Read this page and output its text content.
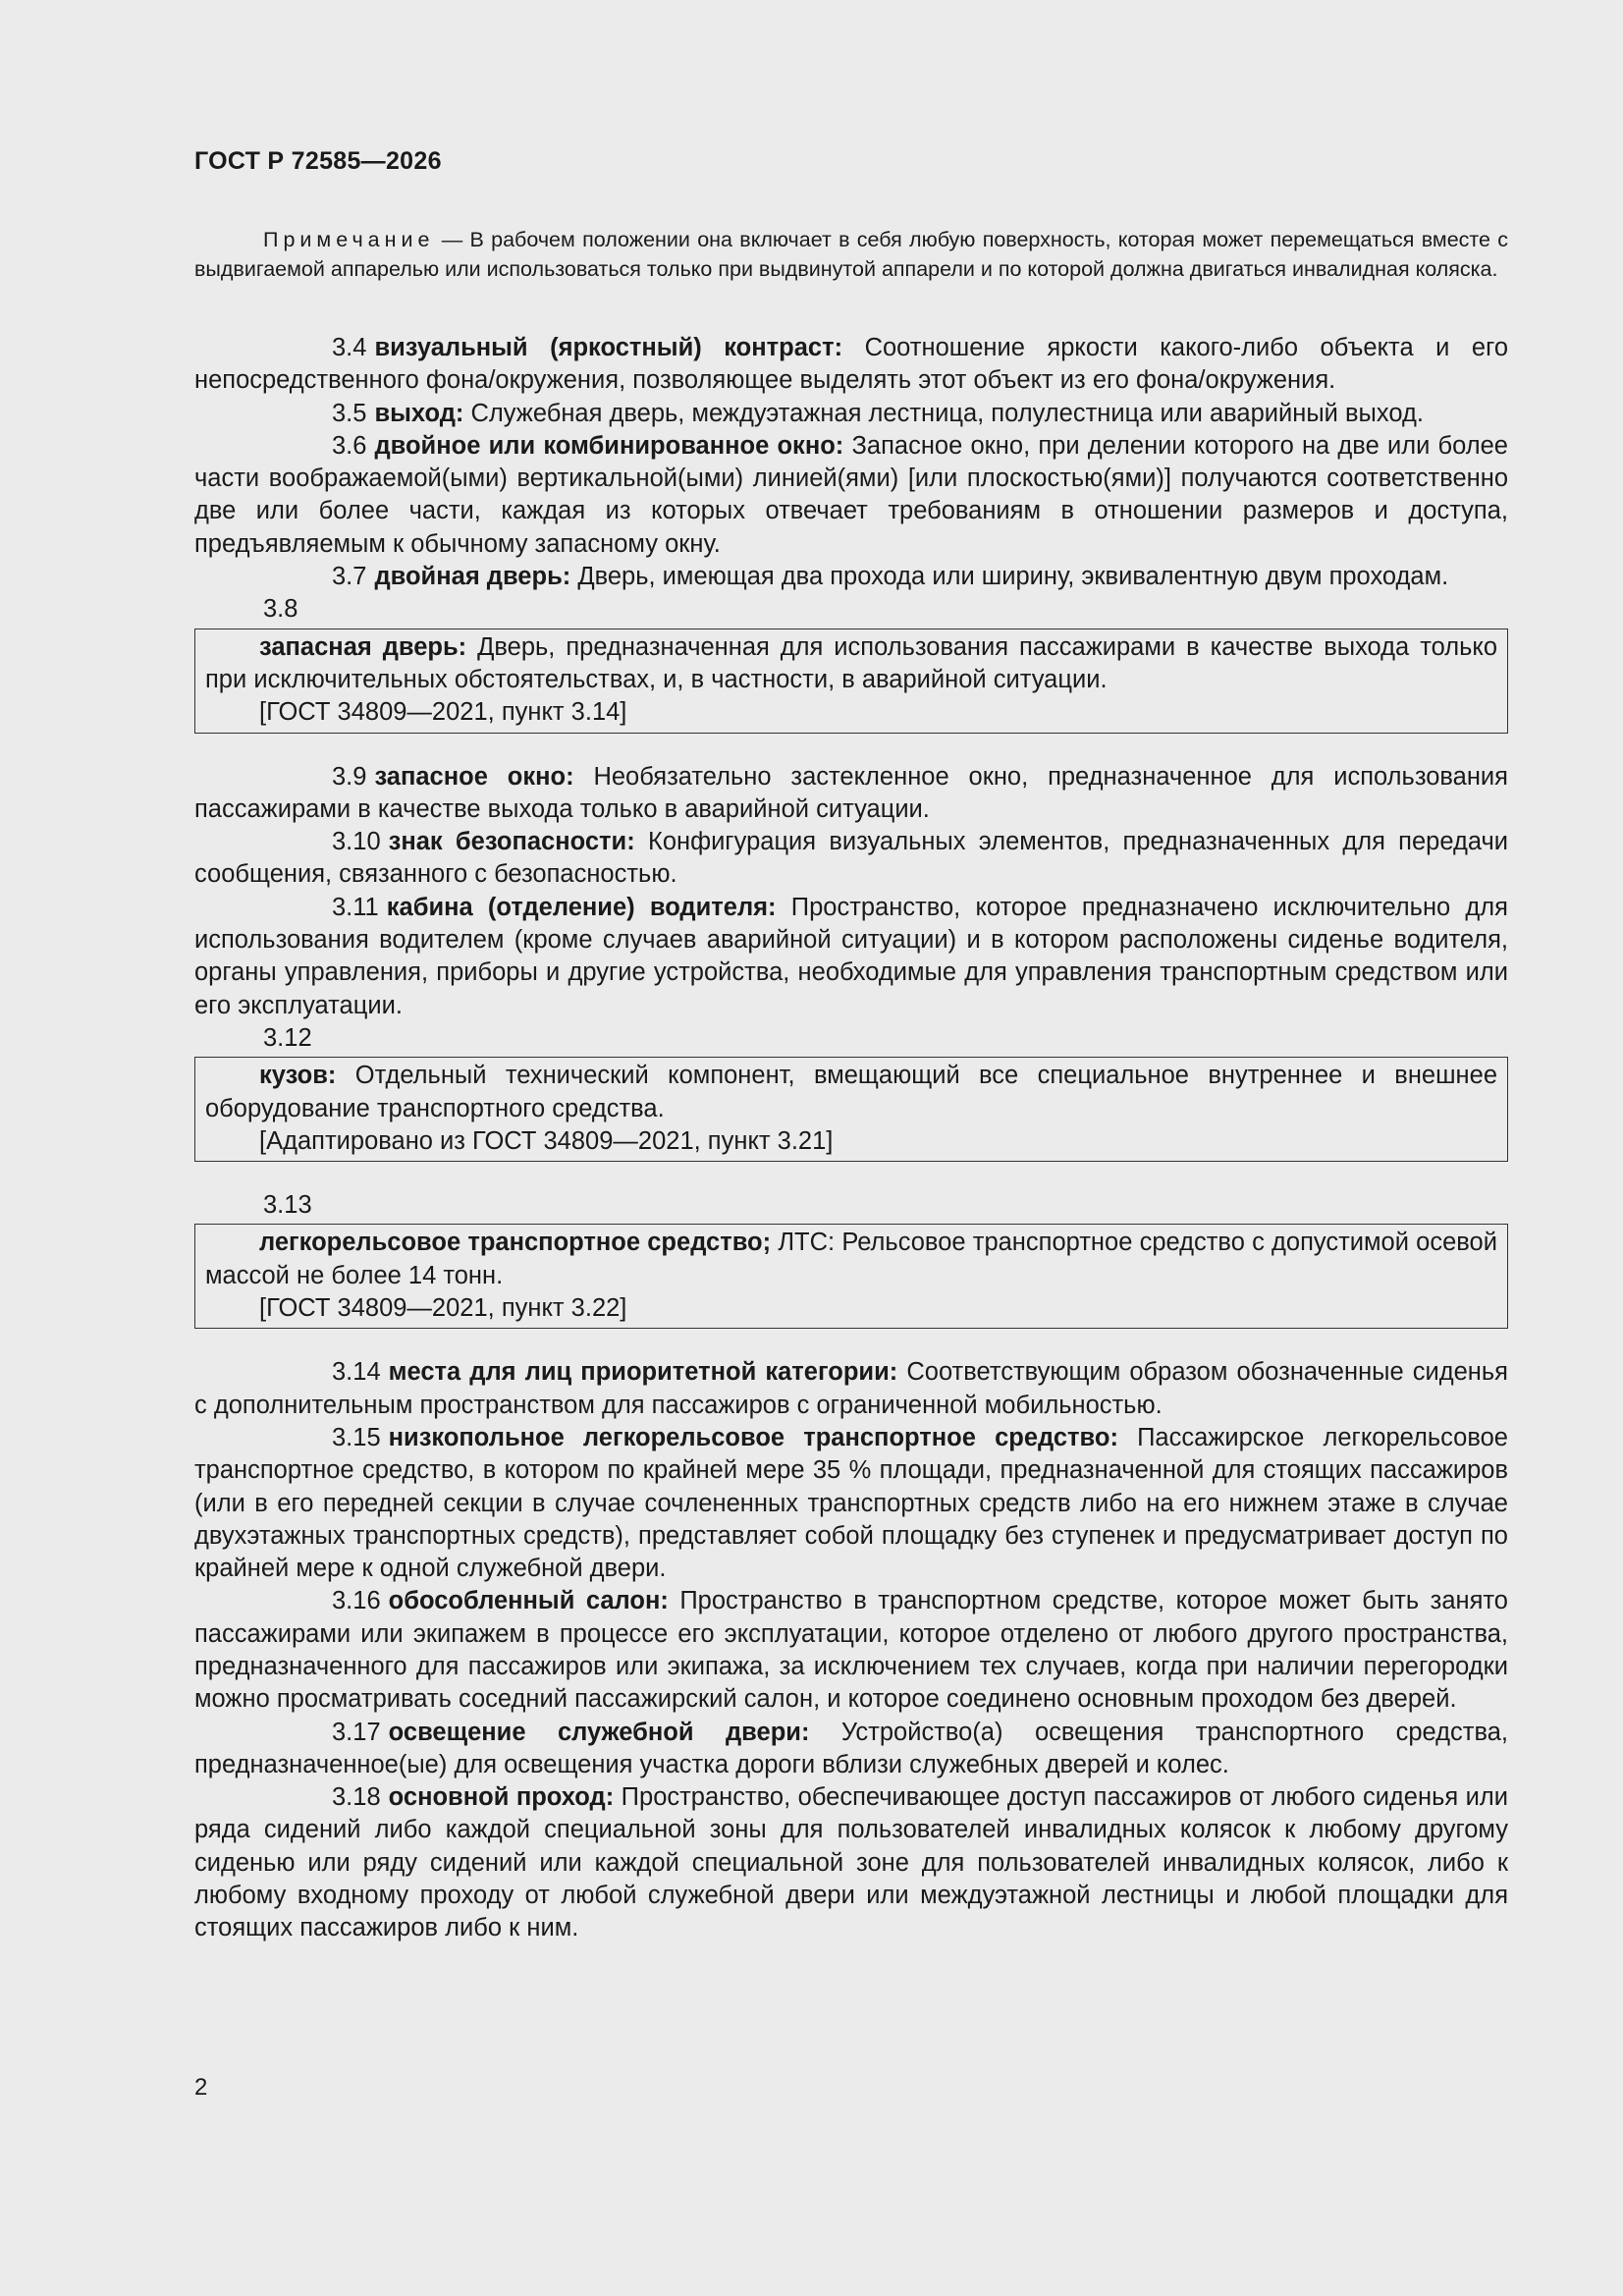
ГОСТ Р 72585—2026
Примечание — В рабочем положении она включает в себя любую поверхность, которая может перемещаться вместе с выдвигаемой аппарелью или использоваться только при выдвинутой аппарели и по которой должна двигаться инвалидная коляска.

3.4 визуальный (яркостный) контраст: Соотношение яркости какого-либо объекта и его непосредственного фона/окружения, позволяющее выделять этот объект из его фона/окружения.

3.5 выход: Служебная дверь, междуэтажная лестница, полулестница или аварийный выход.

3.6 двойное или комбинированное окно: Запасное окно, при делении которого на две или более части воображаемой(ыми) вертикальной(ыми) линией(ями) [или плоскостью(ями)] получаются соответственно две или более части, каждая из которых отвечает требованиям в отношении размеров и доступа, предъявляемым к обычному запасному окну.

3.7 двойная дверь: Дверь, имеющая два прохода или ширину, эквивалентную двум проходам.

3.8

запасная дверь: Дверь, предназначенная для использования пассажирами в качестве выхода только при исключительных обстоятельствах, и, в частности, в аварийной ситуации.

[ГОСТ 34809—2021, пункт 3.14]

3.9 запасное окно: Необязательно застекленное окно, предназначенное для использования пассажирами в качестве выхода только в аварийной ситуации.

3.10 знак безопасности: Конфигурация визуальных элементов, предназначенных для передачи сообщения, связанного с безопасностью.

3.11 кабина (отделение) водителя: Пространство, которое предназначено исключительно для использования водителем (кроме случаев аварийной ситуации) и в котором расположены сиденье водителя, органы управления, приборы и другие устройства, необходимые для управления транспортным средством или его эксплуатации.

3.12

кузов: Отдельный технический компонент, вмещающий все специальное внутреннее и внешнее оборудование транспортного средства.

[Адаптировано из ГОСТ 34809—2021, пункт 3.21]

3.13

легкорельсовое транспортное средство; ЛТС: Рельсовое транспортное средство с допустимой осевой массой не более 14 тонн.

[ГОСТ 34809—2021, пункт 3.22]

3.14 места для лиц приоритетной категории: Соответствующим образом обозначенные сиденья с дополнительным пространством для пассажиров с ограниченной мобильностью.

3.15 низкопольное легкорельсовое транспортное средство: Пассажирское легкорельсовое транспортное средство, в котором по крайней мере 35 % площади, предназначенной для стоящих пассажиров (или в его передней секции в случае сочлененных транспортных средств либо на его нижнем этаже в случае двухэтажных транспортных средств), представляет собой площадку без ступенек и предусматривает доступ по крайней мере к одной служебной двери.

3.16 обособленный салон: Пространство в транспортном средстве, которое может быть занято пассажирами или экипажем в процессе его эксплуатации, которое отделено от любого другого пространства, предназначенного для пассажиров или экипажа, за исключением тех случаев, когда при наличии перегородки можно просматривать соседний пассажирский салон, и которое соединено основным проходом без дверей.

3.17 освещение служебной двери: Устройство(а) освещения транспортного средства, предназначенное(ые) для освещения участка дороги вблизи служебных дверей и колес.

3.18 основной проход: Пространство, обеспечивающее доступ пассажиров от любого сиденья или ряда сидений либо каждой специальной зоны для пользователей инвалидных колясок к любому другому сиденью или ряду сидений или каждой специальной зоне для пользователей инвалидных колясок, либо к любому входному проходу от любой служебной двери или междуэтажной лестницы и любой площадки для стоящих пассажиров либо к ним.

2
